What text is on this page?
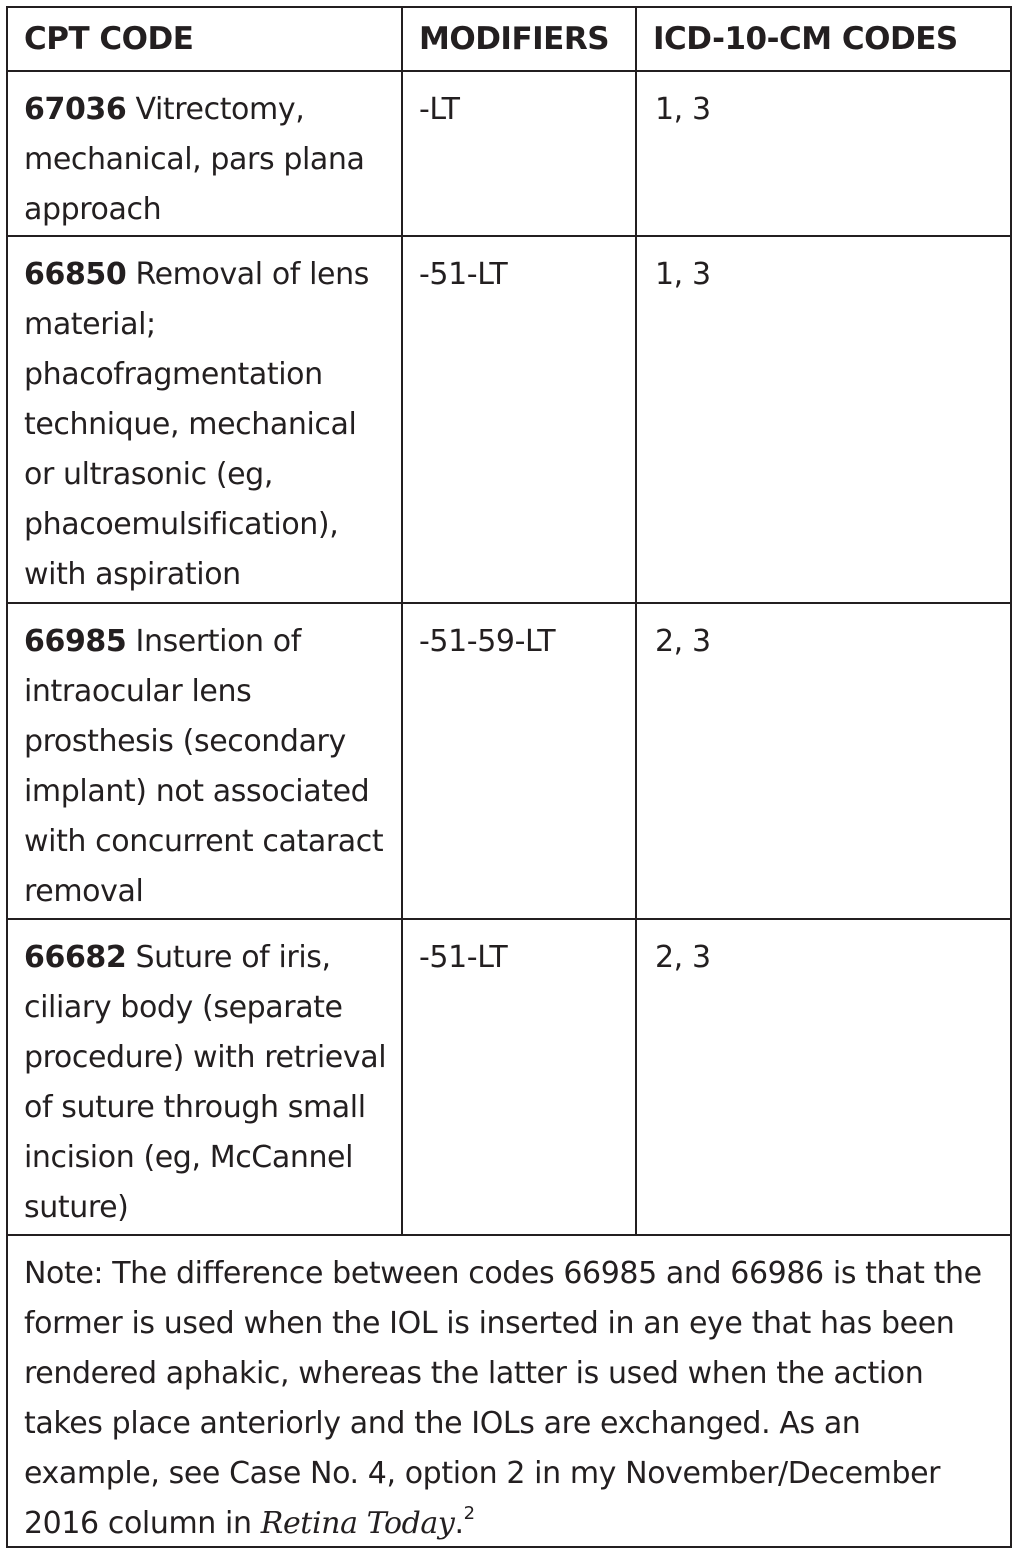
CPT CODE	MODIFIERS	ICD-10-CM CODES
67036 Vitrectomy, mechanical, pars plana approach	-LT	1, 3
66850 Removal of lens material; phacofragmentation technique, mechanical or ultrasonic (eg, phacoemulsification), with aspiration	-51-LT	1, 3
66985 Insertion of intraocular lens prosthesis (secondary implant) not associated with concurrent cataract removal	-51-59-LT	2, 3
66682 Suture of iris, ciliary body (separate procedure) with retrieval of suture through small incision (eg, McCannel suture)	-51-LT	2, 3
Note: The difference between codes 66985 and 66986 is that the former is used when the IOL is inserted in an eye that has been rendered aphakic, whereas the latter is used when the action takes place anteriorly and the IOLs are exchanged. As an example, see Case No. 4, option 2 in my November/December 2016 column in Retina Today.$^2$
